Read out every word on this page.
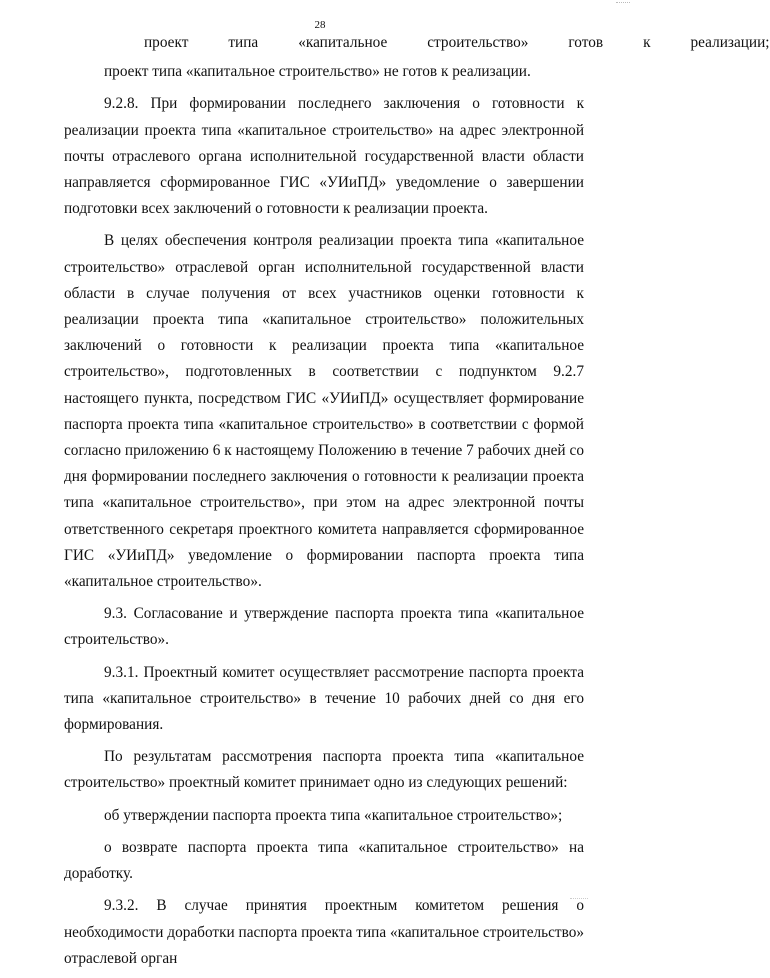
28

проект	типа	«капитальное	строительство»	готов	к	реализации;

проект типа «капитальное строительство» не готов к реализации.

9.2.8. При формировании последнего заключения о готовности к реализации проекта типа «капитальное строительство» на адрес электронной почты отраслевого органа исполнительной государственной власти области направляется сформированное ГИС «УИиПД» уведомление о завершении подготовки всех заключений о готовности к реализации проекта.

В целях обеспечения контроля реализации проекта типа «капитальное строительство» отраслевой орган исполнительной государственной власти области в случае получения от всех участников оценки готовности к реализации проекта типа «капитальное строительство» положительных заключений о готовности к реализации проекта типа «капитальное строительство», подготовленных в соответствии с подпунктом 9.2.7 настоящего пункта, посредством ГИС «УИиПД» осуществляет формирование паспорта проекта типа «капитальное строительство» в соответствии с формой согласно приложению 6 к настоящему Положению в течение 7 рабочих дней со дня формировании последнего заключения о готовности к реализации проекта типа «капитальное строительство», при этом на адрес электронной почты ответственного секретаря проектного комитета направляется сформированное ГИС «УИиПД» уведомление о формировании паспорта проекта типа «капитальное строительство».

9.3. Согласование и утверждение паспорта проекта типа «капитальное строительство».

9.3.1. Проектный комитет осуществляет рассмотрение паспорта проекта типа «капитальное строительство» в течение 10 рабочих дней со дня его формирования.

По результатам рассмотрения паспорта проекта типа «капитальное строительство» проектный комитет принимает одно из следующих решений:

об утверждении паспорта проекта типа «капитальное строительство»;

о возврате паспорта проекта типа «капитальное строительство» на доработку.

9.3.2. В случае принятия проектным комитетом решения о необходимости доработки паспорта проекта типа «капитальное строительство» отраслевой орган
